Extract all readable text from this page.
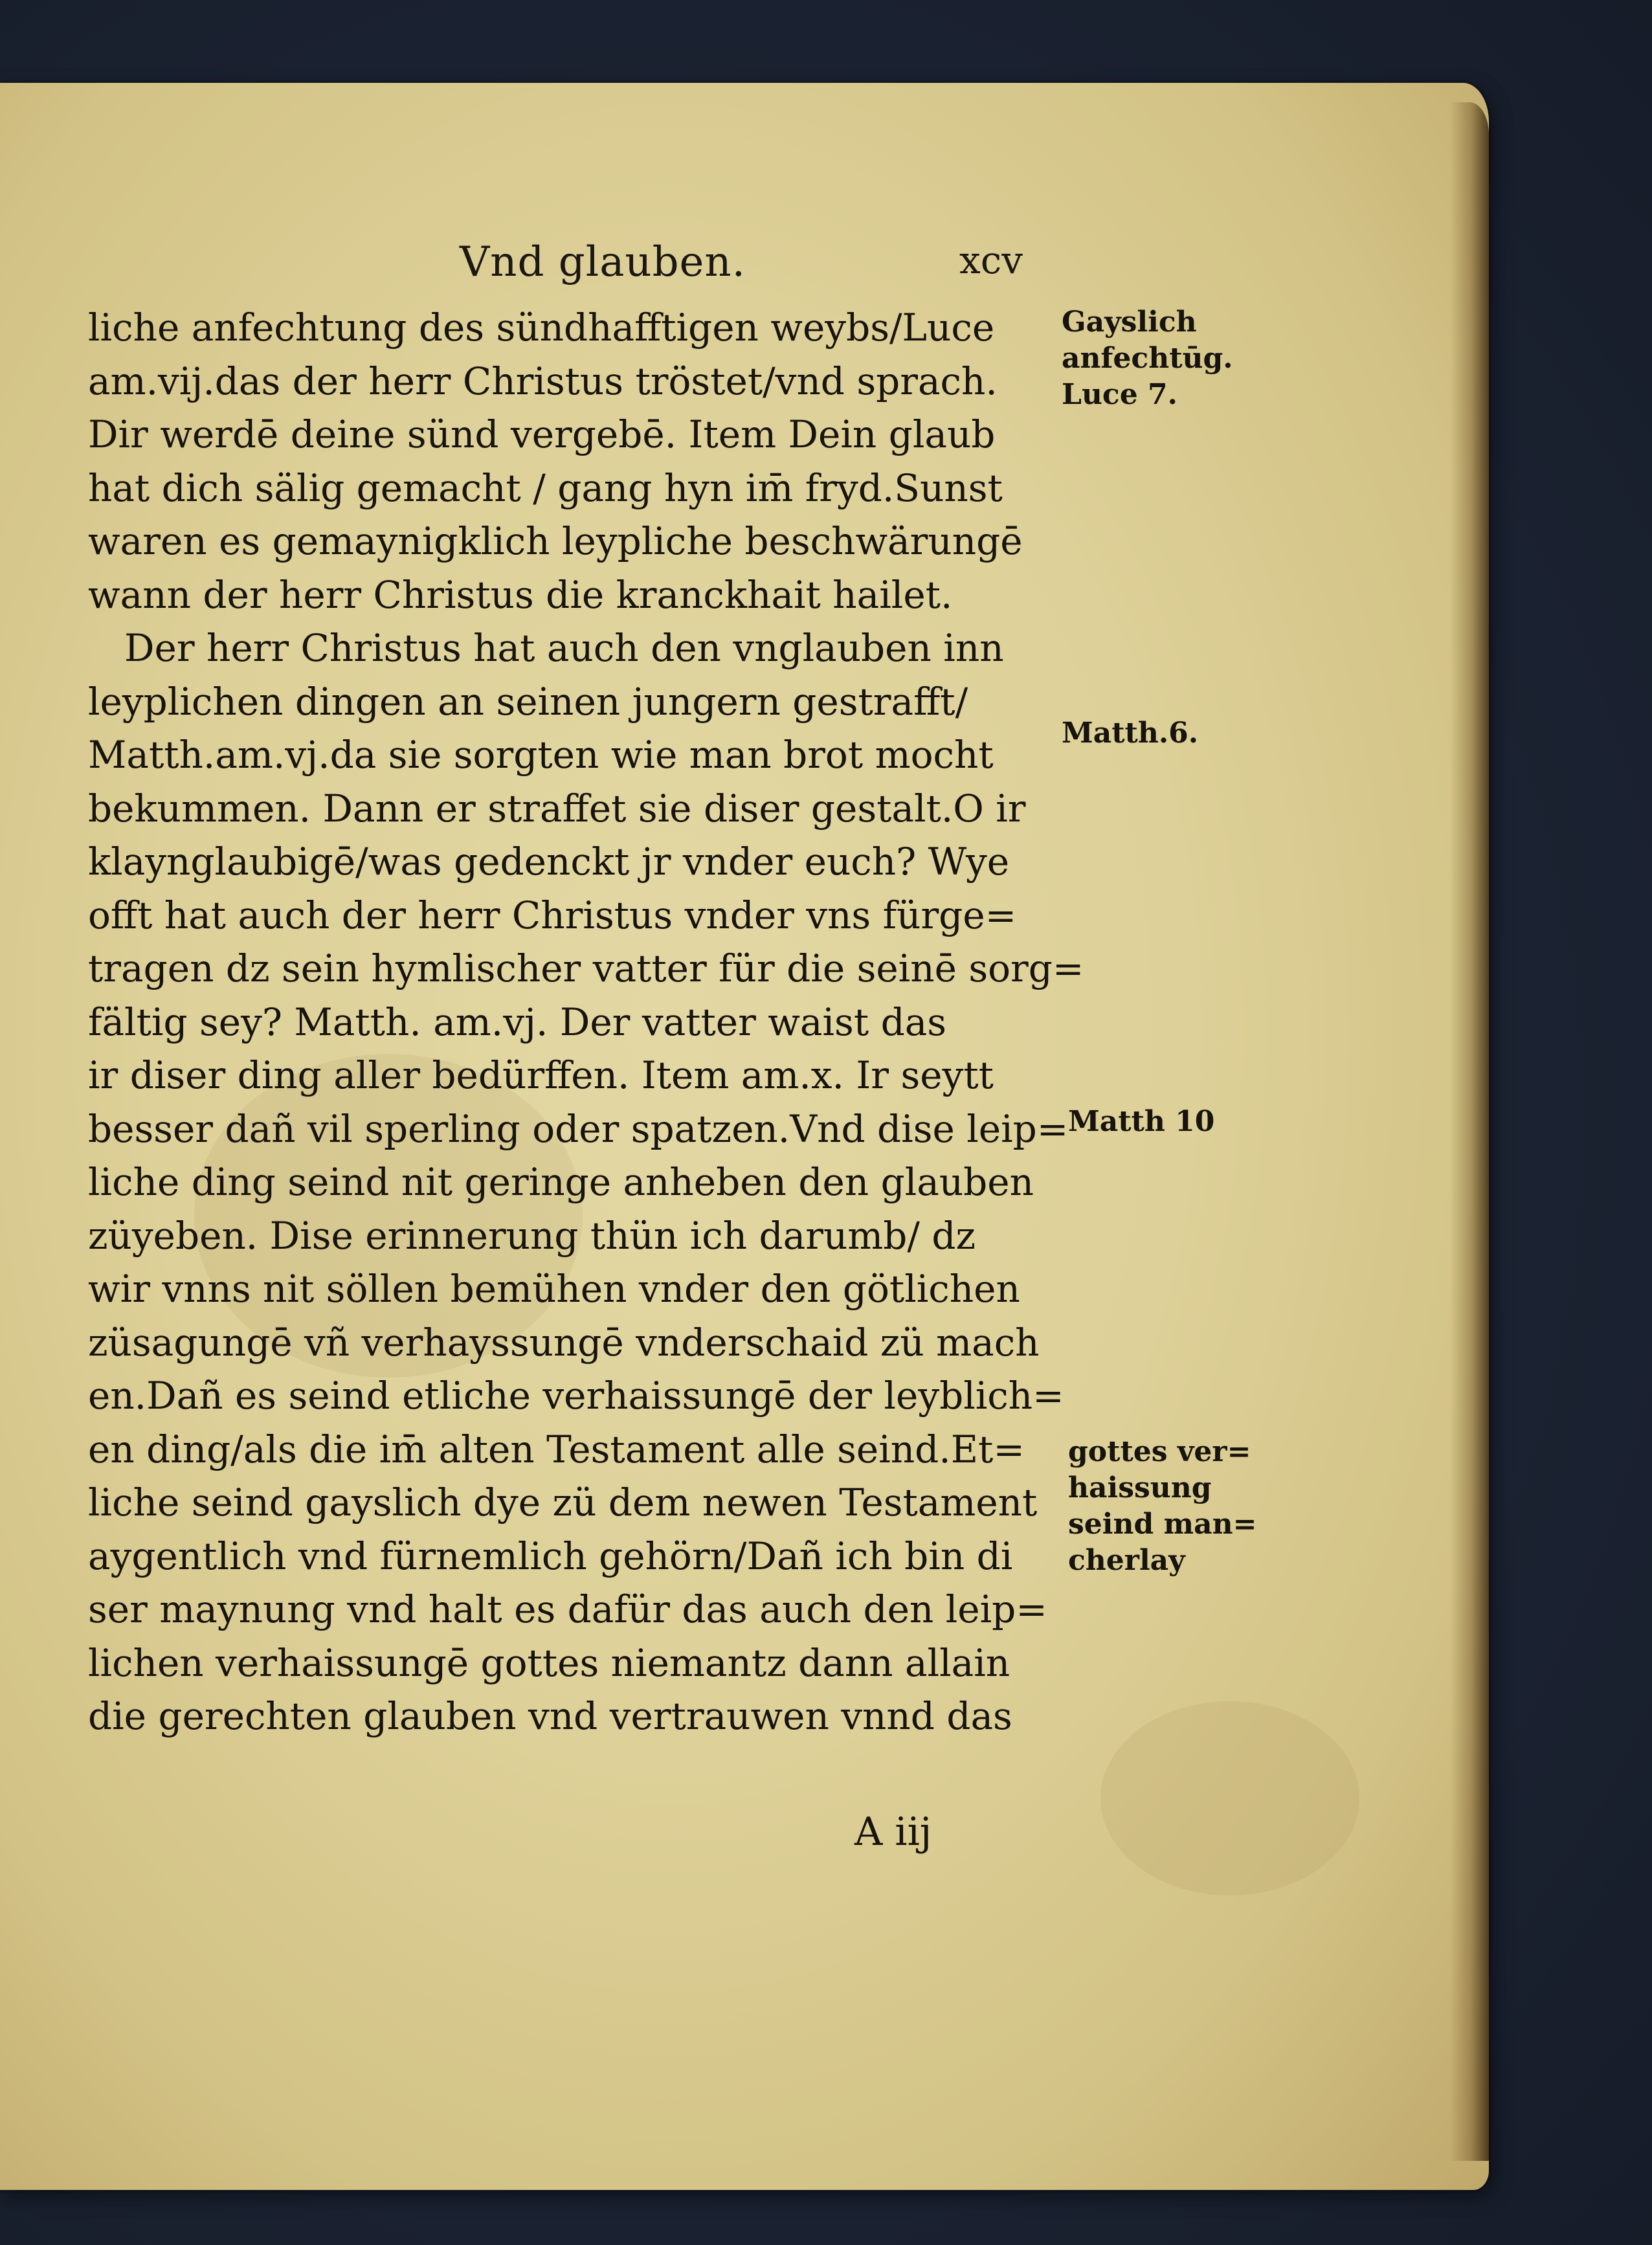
Vnd glauben.	xcv
liche anfechtung des sündhafftigen weybs/Luce
am.vij.das der herr Christus tröstet/vnd sprach.
Dir werdē deine sünd vergebē. Item Dein glaub
hat dich sälig gemacht / gang hyn im̄ fryd.Sunst
waren es gemaynigklich leypliche beschwärungē
wann der herr Christus die kranckhait hailet.
Der herr Christus hat auch den vnglauben inn
leyplichen dingen an seinen jungern gestrafft/
Matth.am.vj.da sie sorgten wie man brot mocht
bekummen. Dann er straffet sie diser gestalt.O ir
klaynglaubigē/was gedenckt jr vnder euch? Wye
offt hat auch der herr Christus vnder vns fürge=
tragen dz sein hymlischer vatter für die seinē sorg=
fältig sey? Matth. am.vj. Der vatter waist das
ir diser ding aller bedürffen. Item am.x. Ir seytt
besser dañ vil sperling oder spatzen.Vnd dise leip=
liche ding seind nit geringe anheben den glauben
züyeben. Dise erinnerung thün ich darumb/ dz
wir vnns nit söllen bemühen vnder den götlichen
züsagungē vñ verhayssungē vnderschaid zü mach
en.Dañ es seind etliche verhaissungē der leyblich=
en ding/als die im̄ alten Testament alle seind.Et=
liche seind gayslich dye zü dem newen Testament
aygentlich vnd fürnemlich gehörn/Dañ ich bin di
ser maynung vnd halt es dafür das auch den leip=
lichen verhaissungē gottes niemantz dann allain
die gerechten glauben vnd vertrauwen vnnd das
A iij
Gayslich
anfechtūg.
Luce 7.
Matth.6.
Matth 10
gottes ver=
haissung
seind man=
cherlay
